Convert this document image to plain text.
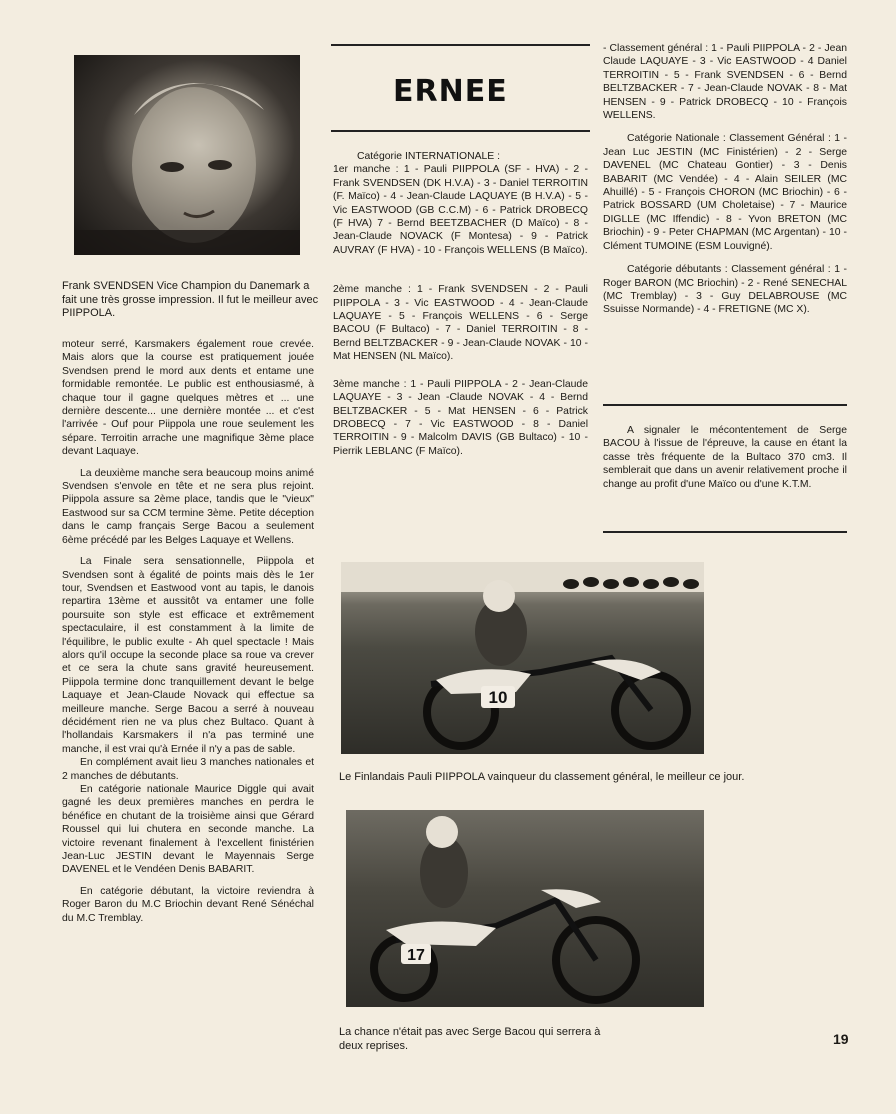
Frank SVENDSEN Vice Champion du Danemark a fait une très grosse impression. Il fut le meilleur avec PIIPPOLA.
ERNEE

moteur serré, Karsmakers également roue crevée. Mais alors que la course est pratiquement jouée Svendsen prend le mord aux dents et entame une formidable remontée. Le public est enthousiasmé, à chaque tour il gagne quelques mètres et ... une dernière descente... une dernière montée ... et c'est l'arrivée - Ouf pour Piippola une roue seulement les sépare. Terroitin arrache une magnifique 3ème place devant Laquaye.

La deuxième manche sera beaucoup moins animé Svendsen s'envole en tête et ne sera plus rejoint. Piippola assure sa 2ème place, tandis que le "vieux" Eastwood sur sa CCM termine 3ème. Petite déception dans le camp français Serge Bacou a seulement 6ème précédé par les Belges Laquaye et Wellens.

La Finale sera sensationnelle, Piippola et Svendsen sont à égalité de points mais dès le 1er tour, Svendsen et Eastwood vont au tapis, le danois repartira 13ème et aussitôt va entamer une folle poursuite son style est efficace et extrêmement spectaculaire, il est constamment à la limite de l'équilibre, le public exulte - Ah quel spectacle ! Mais alors qu'il occupe la seconde place sa roue va crever et ce sera la chute sans gravité heureusement. Piippola termine donc tranquillement devant le belge Laquaye et Jean-Claude Novack qui effectue sa meilleure manche. Serge Bacou a serré à nouveau décidément rien ne va plus chez Bultaco. Quant à l'hollandais Karsmakers il n'a pas terminé une manche, il est vrai qu'à Ernée il n'y a pas de sable.

En complément avait lieu 3 manches nationales et 2 manches de débutants.

En catégorie nationale Maurice Diggle qui avait gagné les deux premières manches en perdra le bénéfice en chutant de la troisième ainsi que Gérard Roussel qui lui chutera en seconde manche. La victoire revenant finalement à l'excellent finistérien Jean-Luc JESTIN devant le Mayennais Serge DAVENEL et le Vendéen Denis BABARIT.

En catégorie débutant, la victoire reviendra à Roger Baron du M.C Briochin devant René Sénéchal du M.C Tremblay.

Catégorie INTERNATIONALE :

1er manche : 1 - Pauli PIIPPOLA (SF - HVA) - 2 - Frank SVENDSEN (DK H.V.A) - 3 - Daniel TERROITIN (F. Maïco) - 4 - Jean-Claude LAQUAYE (B H.V.A) - 5 - Vic EASTWOOD (GB C.C.M) - 6 - Patrick DROBECQ (F HVA) 7 - Bernd BEETZBACHER (D Maïco) - 8 - Jean-Claude NOVACK (F Montesa) - 9 - Patrick AUVRAY (F HVA) - 10 - François WELLENS (B Maïco).

2ème manche : 1 - Frank SVENDSEN - 2 - Pauli PIIPPOLA - 3 - Vic EASTWOOD - 4 - Jean-Claude LAQUAYE - 5 - François WELLENS - 6 - Serge BACOU (F Bultaco) - 7 - Daniel TERROITIN - 8 - Bernd BELTZBACKER - 9 - Jean-Claude NOVAK - 10 - Mat HENSEN (NL Maïco).

3ème manche : 1 - Pauli PIIPPOLA - 2 - Jean-Claude LAQUAYE - 3 - Jean -Claude NOVAK - 4 - Bernd BELTZBACKER - 5 - Mat HENSEN - 6 - Patrick DROBECQ - 7 - Vic EASTWOOD - 8 - Daniel TERROITIN - 9 - Malcolm DAVIS (GB Bultaco) - 10 - Pierrik LEBLANC (F Maïco).

- Classement général : 1 - Pauli PIIPPOLA - 2 - Jean Claude LAQUAYE - 3 - Vic EASTWOOD - 4 Daniel TERROITIN - 5 - Frank SVENDSEN - 6 - Bernd BELTZBACKER - 7 - Jean-Claude NOVAK - 8 - Mat HENSEN - 9 - Patrick DROBECQ - 10 - François WELLENS.

Catégorie Nationale : Classement Général : 1 - Jean Luc JESTIN (MC Finistérien) - 2 - Serge DAVENEL (MC Chateau Gontier) - 3 - Denis BABARIT (MC Vendée) - 4 - Alain SEILER (MC Ahuillé) - 5 - François CHORON (MC Briochin) - 6 - Patrick BOSSARD (UM Choletaise) - 7 - Maurice DIGLLE (MC Iffendic) - 8 - Yvon BRETON (MC Briochin) - 9 - Peter CHAPMAN (MC Argentan) - 10 - Clément TUMOINE (ESM Louvigné).

Catégorie débutants : Classement général : 1 - Roger BARON (MC Briochin) - 2 - René SENECHAL (MC Tremblay) - 3 - Guy DELABROUSE (MC Ssuisse Normande) - 4 - FRETIGNE (MC X).

A signaler le mécontentement de Serge BACOU à l'issue de l'épreuve, la cause en étant la casse très fréquente de la Bultaco 370 cm3. Il semblerait que dans un avenir relativement proche il change au profit d'une Maïco ou d'une K.T.M.

10
Le Finlandais Pauli PIIPPOLA vainqueur du classement général, le meilleur ce jour.
17
La chance n'était pas avec Serge Bacou qui serrera à deux reprises.	19
